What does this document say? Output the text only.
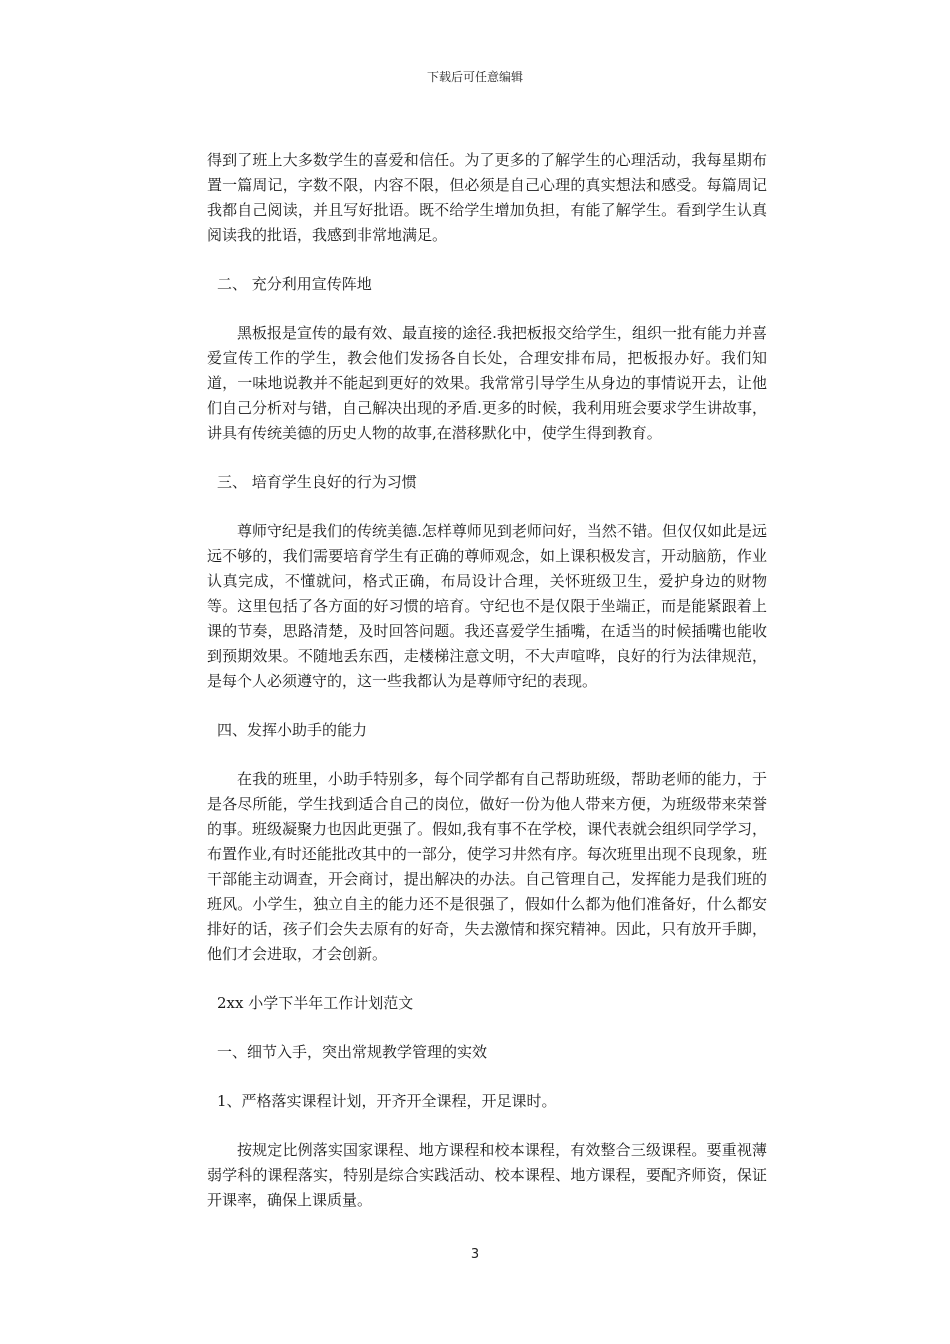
下载后可任意编辑

得到了班上大多数学生的喜爱和信任。为了更多的了解学生的心理活动，我每星期布置一篇周记，字数不限，内容不限，但必须是自己心理的真实想法和感受。每篇周记我都自己阅读，并且写好批语。既不给学生增加负担，有能了解学生。看到学生认真阅读我的批语，我感到非常地满足。

二、 充分利用宣传阵地

黑板报是宣传的最有效、最直接的途径.我把板报交给学生，组织一批有能力并喜爱宣传工作的学生，教会他们发扬各自长处，合理安排布局，把板报办好。我们知道，一味地说教并不能起到更好的效果。我常常引导学生从身边的事情说开去，让他们自己分析对与错，自己解决出现的矛盾.更多的时候，我利用班会要求学生讲故事，讲具有传统美德的历史人物的故事,在潜移默化中，使学生得到教育。

三、 培育学生良好的行为习惯

尊师守纪是我们的传统美德.怎样尊师见到老师问好，当然不错。但仅仅如此是远远不够的，我们需要培育学生有正确的尊师观念，如上课积极发言，开动脑筋，作业认真完成，不懂就问，格式正确，布局设计合理，关怀班级卫生，爱护身边的财物等。这里包括了各方面的好习惯的培育。守纪也不是仅限于坐端正，而是能紧跟着上课的节奏，思路清楚，及时回答问题。我还喜爱学生插嘴，在适当的时候插嘴也能收到预期效果。不随地丢东西，走楼梯注意文明，不大声喧哗，良好的行为法律规范，是每个人必须遵守的，这一些我都认为是尊师守纪的表现。

四、发挥小助手的能力

在我的班里，小助手特别多，每个同学都有自己帮助班级，帮助老师的能力，于是各尽所能，学生找到适合自己的岗位，做好一份为他人带来方便，为班级带来荣誉的事。班级凝聚力也因此更强了。假如,我有事不在学校，课代表就会组织同学学习，布置作业,有时还能批改其中的一部分，使学习井然有序。每次班里出现不良现象，班干部能主动调查，开会商讨，提出解决的办法。自己管理自己，发挥能力是我们班的班风。小学生，独立自主的能力还不是很强了，假如什么都为他们准备好，什么都安排好的话，孩子们会失去原有的好奇，失去激情和探究精神。因此，只有放开手脚，他们才会进取，才会创新。

2xx 小学下半年工作计划范文

一、细节入手，突出常规教学管理的实效

1、严格落实课程计划，开齐开全课程，开足课时。

按规定比例落实国家课程、地方课程和校本课程，有效整合三级课程。要重视薄弱学科的课程落实，特别是综合实践活动、校本课程、地方课程，要配齐师资，保证开课率，确保上课质量。

3
